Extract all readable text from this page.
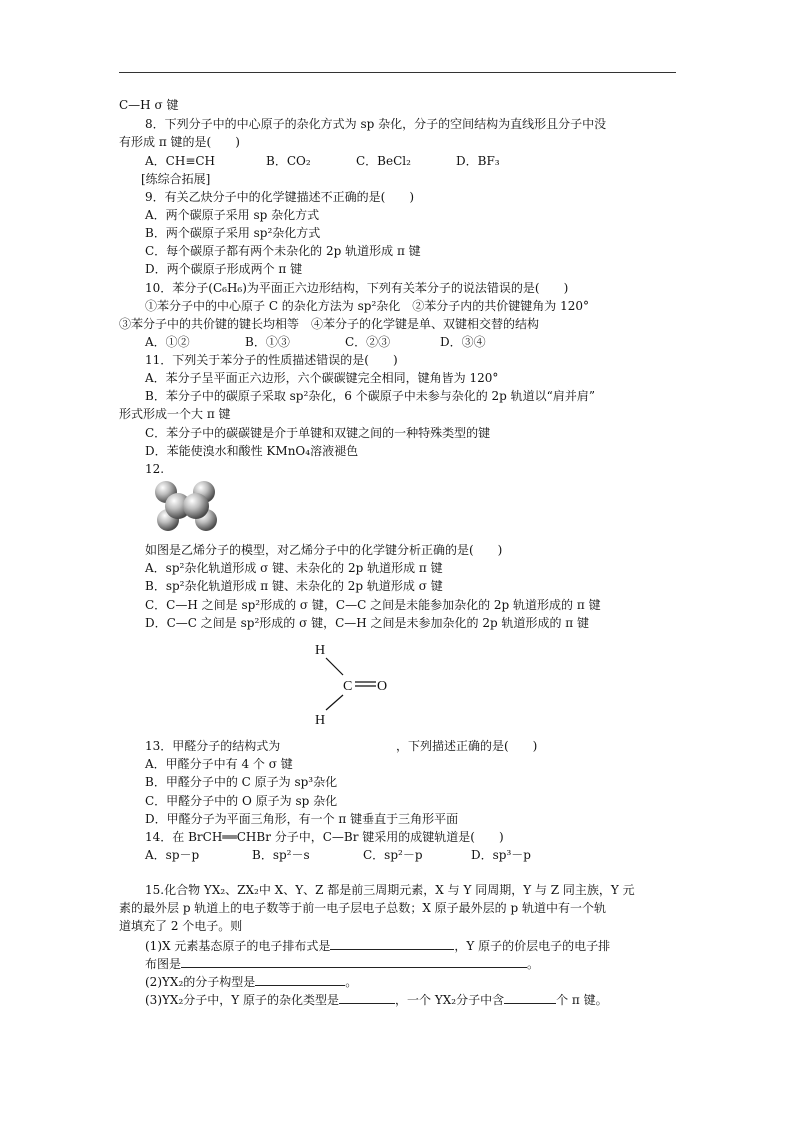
C—H σ 键
8．下列分子中的中心原子的杂化方式为 sp 杂化，分子的空间结构为直线形且分子中没
有形成 π 键的是(　　)
A．CH≡CH	B．CO₂	C．BeCl₂	D．BF₃
[练综合拓展]
9．有关乙炔分子中的化学键描述不正确的是(　　)
A．两个碳原子采用 sp 杂化方式
B．两个碳原子采用 sp²杂化方式
C．每个碳原子都有两个未杂化的 2p 轨道形成 π 键
D．两个碳原子形成两个 π 键
10．苯分子(C₆H₆)为平面正六边形结构，下列有关苯分子的说法错误的是(　　)
①苯分子中的中心原子 C 的杂化方法为 sp²杂化　②苯分子内的共价键键角为 120°
③苯分子中的共价键的键长均相等　④苯分子的化学键是单、双键相交替的结构
A．①②	B．①③	C．②③	D．③④
11．下列关于苯分子的性质描述错误的是(　　)
A．苯分子呈平面正六边形，六个碳碳键完全相同，键角皆为 120°
B．苯分子中的碳原子采取 sp²杂化，6 个碳原子中未参与杂化的 2p 轨道以“肩并肩”
形式形成一个大 π 键
C．苯分子中的碳碳键是介于单键和双键之间的一种特殊类型的键
D．苯能使溴水和酸性 KMnO₄溶液褪色
12.
如图是乙烯分子的模型，对乙烯分子中的化学键分析正确的是(　　)
A．sp²杂化轨道形成 σ 键、未杂化的 2p 轨道形成 π 键
B．sp²杂化轨道形成 π 键、未杂化的 2p 轨道形成 σ 键
C．C—H 之间是 sp²形成的 σ 键，C—C 之间是未能参加杂化的 2p 轨道形成的 π 键
D．C—C 之间是 sp²形成的 σ 键，C—H 之间是未参加杂化的 2p 轨道形成的 π 键
H
C O
H
13．甲醛分子的结构式为	，下列描述正确的是(　　)
A．甲醛分子中有 4 个 σ 键
B．甲醛分子中的 C 原子为 sp³杂化
C．甲醛分子中的 O 原子为 sp 杂化
D．甲醛分子为平面三角形，有一个 π 键垂直于三角形平面
14．在 BrCH══CHBr 分子中，C—Br 键采用的成键轨道是(　　)
A．sp－p	B．sp²－s	C．sp²－p	D．sp³－p
15.化合物 YX₂、ZX₂中 X、Y、Z 都是前三周期元素，X 与 Y 同周期，Y 与 Z 同主族，Y 元
素的最外层 p 轨道上的电子数等于前一电子层电子总数；X 原子最外层的 p 轨道中有一个轨
道填充了 2 个电子。则
(1)X 元素基态原子的电子排布式是	，Y 原子的价层电子的电子排
布图是	。
(2)YX₂的分子构型是	。
(3)YX₂分子中，Y 原子的杂化类型是	，一个 YX₂分子中含	个 π 键。
